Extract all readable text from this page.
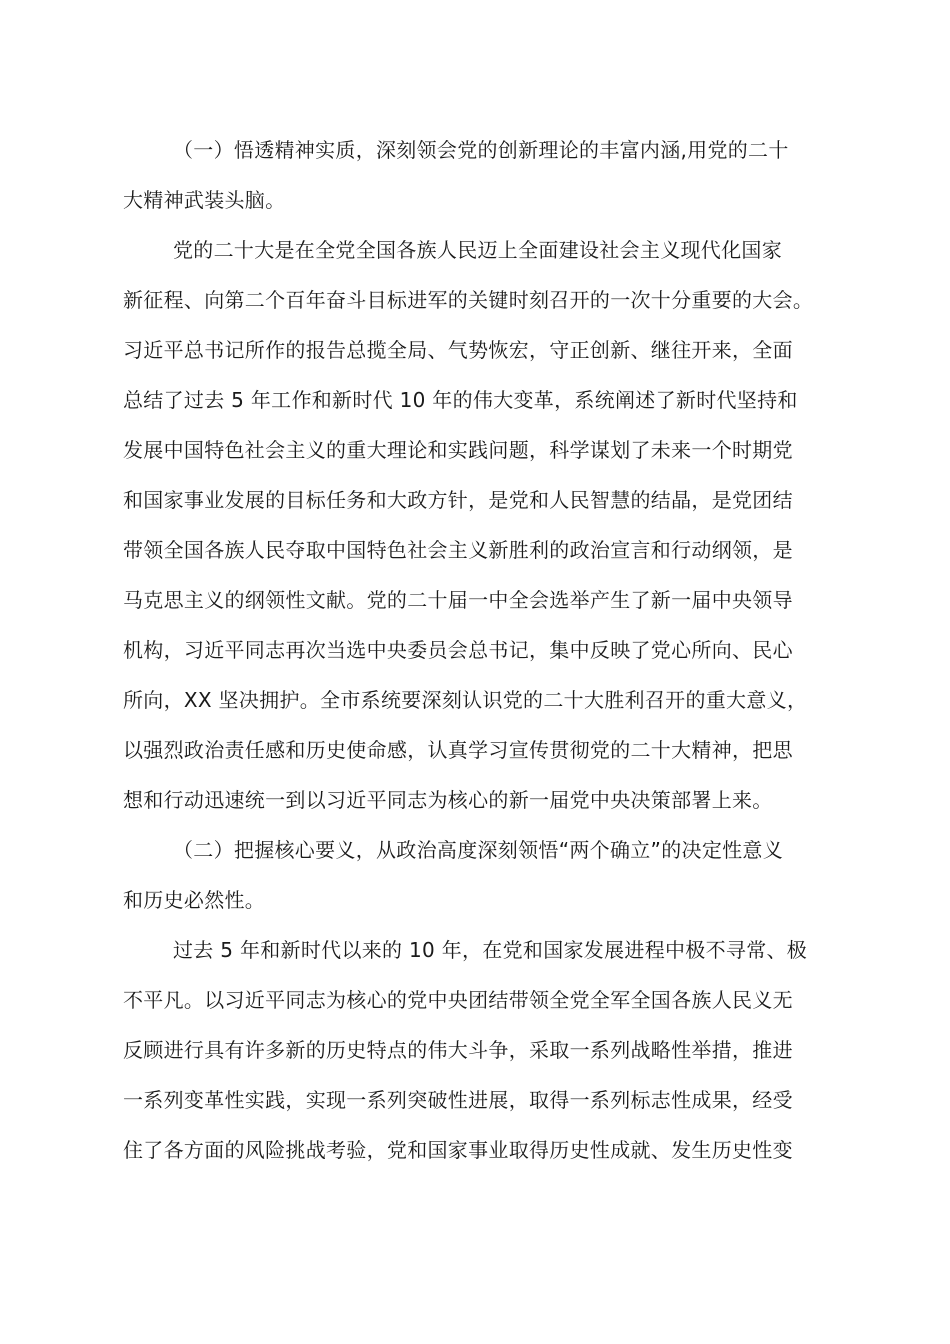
（一）悟透精神实质，深刻领会党的创新理论的丰富内涵,用党的二十
大精神武装头脑。
党的二十大是在全党全国各族人民迈上全面建设社会主义现代化国家
新征程、向第二个百年奋斗目标进军的关键时刻召开的一次十分重要的大会。
习近平总书记所作的报告总揽全局、气势恢宏，守正创新、继往开来，全面
总结了过去 5 年工作和新时代 10 年的伟大变革，系统阐述了新时代坚持和
发展中国特色社会主义的重大理论和实践问题，科学谋划了未来一个时期党
和国家事业发展的目标任务和大政方针，是党和人民智慧的结晶，是党团结
带领全国各族人民夺取中国特色社会主义新胜利的政治宣言和行动纲领，是
马克思主义的纲领性文献。党的二十届一中全会选举产生了新一届中央领导
机构，习近平同志再次当选中央委员会总书记，集中反映了党心所向、民心
所向，XX 坚决拥护。全市系统要深刻认识党的二十大胜利召开的重大意义，
以强烈政治责任感和历史使命感，认真学习宣传贯彻党的二十大精神，把思
想和行动迅速统一到以习近平同志为核心的新一届党中央决策部署上来。
（二）把握核心要义，从政治高度深刻领悟“两个确立”的决定性意义
和历史必然性。
过去 5 年和新时代以来的 10 年，在党和国家发展进程中极不寻常、极
不平凡。以习近平同志为核心的党中央团结带领全党全军全国各族人民义无
反顾进行具有许多新的历史特点的伟大斗争，采取一系列战略性举措，推进
一系列变革性实践，实现一系列突破性进展，取得一系列标志性成果，经受
住了各方面的风险挑战考验，党和国家事业取得历史性成就、发生历史性变
